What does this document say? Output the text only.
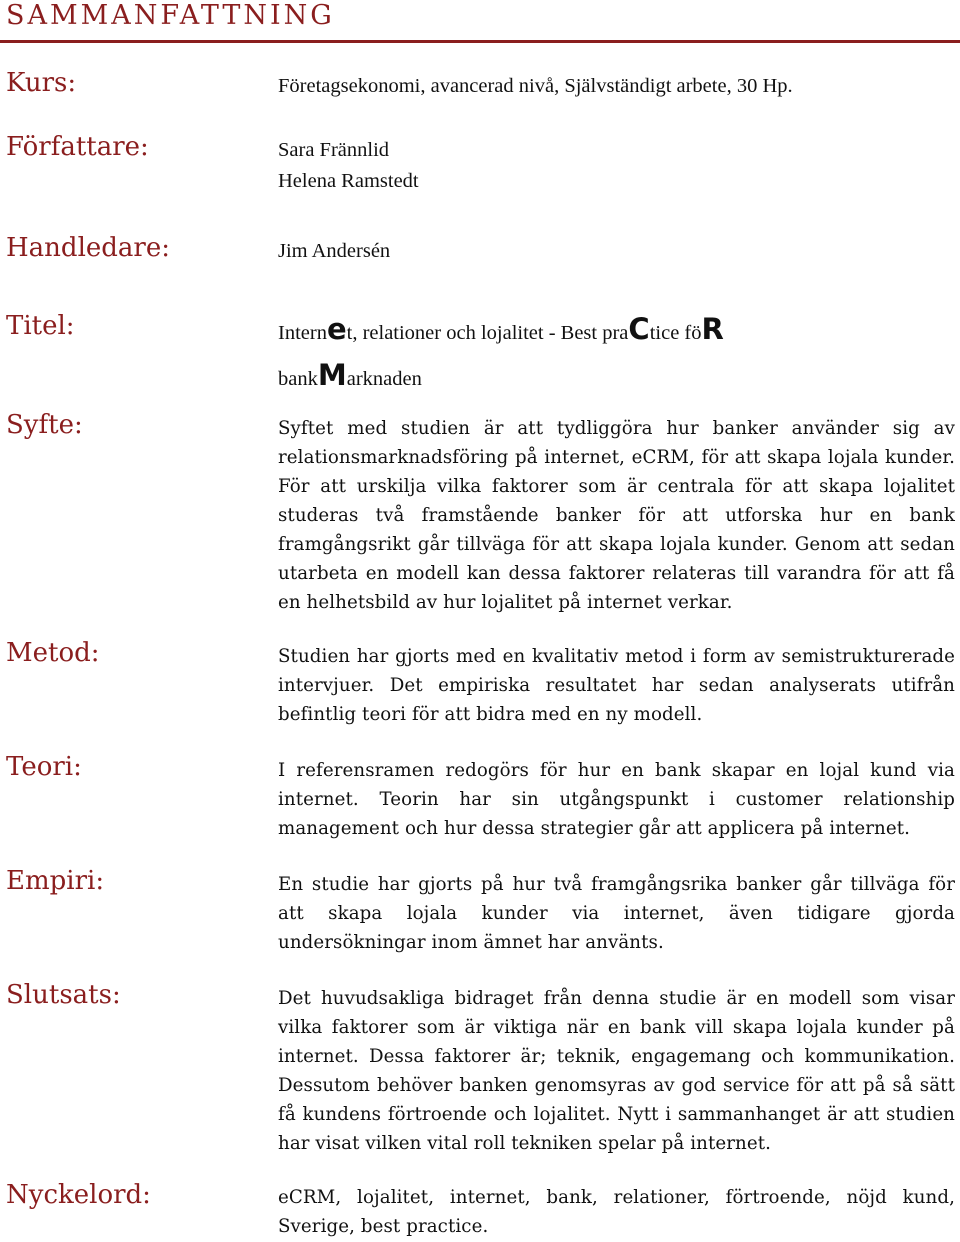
SAMMANFATTNING
Kurs:	Företagsekonomi, avancerad nivå, Självständigt arbete, 30 Hp.
Författare:	Sara Frännlid
Helena Ramstedt
Handledare:	Jim Andersén
Titel:	Internet, relationer och lojalitet - Best praCtice föR
bankMarknaden
Syfte:	Syftet med studien är att tydliggöra hur banker använder sig av relationsmarknadsföring på internet, eCRM, för att skapa lojala kunder. För att urskilja vilka faktorer som är centrala för att skapa lojalitet studeras två framstående banker för att utforska hur en bank framgångsrikt går tillväga för att skapa lojala kunder. Genom att sedan utarbeta en modell kan dessa faktorer relateras till varandra för att få en helhetsbild av hur lojalitet på internet verkar.
Metod:	Studien har gjorts med en kvalitativ metod i form av semistrukturerade intervjuer. Det empiriska resultatet har sedan analyserats utifrån befintlig teori för att bidra med en ny modell.
Teori:	I referensramen redogörs för hur en bank skapar en lojal kund via internet. Teorin har sin utgångspunkt i customer relationship management och hur dessa strategier går att applicera på internet.
Empiri:	En studie har gjorts på hur två framgångsrika banker går tillväga för att skapa lojala kunder via internet, även tidigare gjorda undersökningar inom ämnet har använts.
Slutsats:	Det huvudsakliga bidraget från denna studie är en modell som visar vilka faktorer som är viktiga när en bank vill skapa lojala kunder på internet. Dessa faktorer är; teknik, engagemang och kommunikation. Dessutom behöver banken genomsyras av god service för att på så sätt få kundens förtroende och lojalitet. Nytt i sammanhanget är att studien har visat vilken vital roll tekniken spelar på internet.
Nyckelord:	eCRM, lojalitet, internet, bank, relationer, förtroende, nöjd kund, Sverige, best practice.
